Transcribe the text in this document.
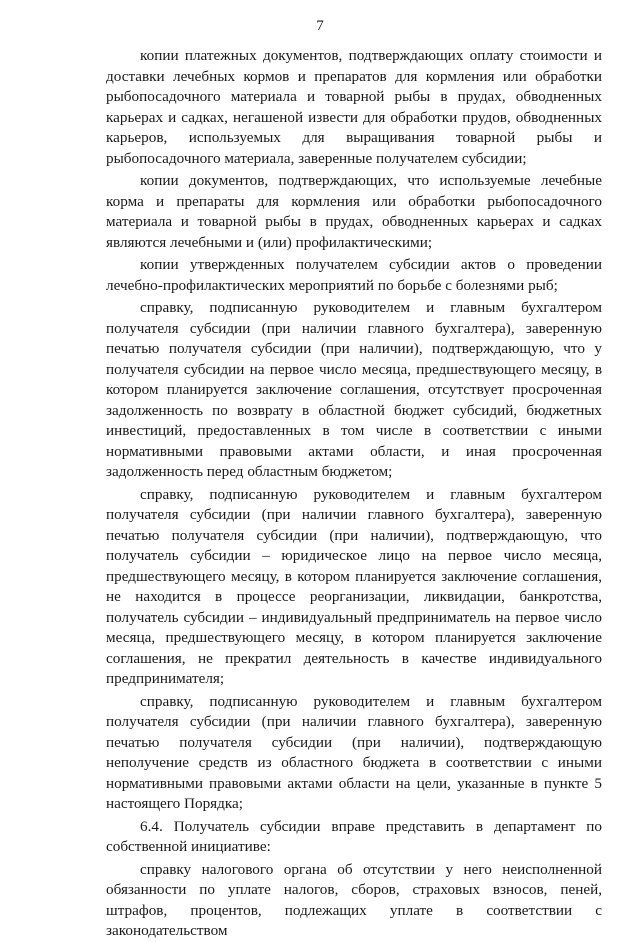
7

копии платежных документов, подтверждающих оплату стоимости и доставки лечебных кормов и препаратов для кормления или обработки рыбопосадочного материала и товарной рыбы в прудах, обводненных карьерах и садках, негашеной извести для обработки прудов, обводненных карьеров, используемых для выращивания товарной рыбы и рыбопосадочного материала, заверенные получателем субсидии;

копии документов, подтверждающих, что используемые лечебные корма и препараты для кормления или обработки рыбопосадочного материала и товарной рыбы в прудах, обводненных карьерах и садках являются лечебными и (или) профилактическими;

копии утвержденных получателем субсидии актов о проведении лечебно-профилактических мероприятий по борьбе с болезнями рыб;

справку, подписанную руководителем и главным бухгалтером получателя субсидии (при наличии главного бухгалтера), заверенную печатью получателя субсидии (при наличии), подтверждающую, что у получателя субсидии на первое число месяца, предшествующего месяцу, в котором планируется заключение соглашения, отсутствует просроченная задолженность по возврату в областной бюджет субсидий, бюджетных инвестиций, предоставленных в том числе в соответствии с иными нормативными правовыми актами области, и иная просроченная задолженность перед областным бюджетом;

справку, подписанную руководителем и главным бухгалтером получателя субсидии (при наличии главного бухгалтера), заверенную печатью получателя субсидии (при наличии), подтверждающую, что получатель субсидии – юридическое лицо на первое число месяца, предшествующего месяцу, в котором планируется заключение соглашения, не находится в процессе реорганизации, ликвидации, банкротства, получатель субсидии – индивидуальный предприниматель на первое число месяца, предшествующего месяцу, в котором планируется заключение соглашения, не прекратил деятельность в качестве индивидуального предпринимателя;

справку, подписанную руководителем и главным бухгалтером получателя субсидии (при наличии главного бухгалтера), заверенную печатью получателя субсидии (при наличии), подтверждающую неполучение средств из областного бюджета в соответствии с иными нормативными правовыми актами области на цели, указанные в пункте 5 настоящего Порядка;

6.4. Получатель субсидии вправе представить в департамент по собственной инициативе:

справку налогового органа об отсутствии у него неисполненной обязанности по уплате налогов, сборов, страховых взносов, пеней, штрафов, процентов, подлежащих уплате в соответствии с законодательством
